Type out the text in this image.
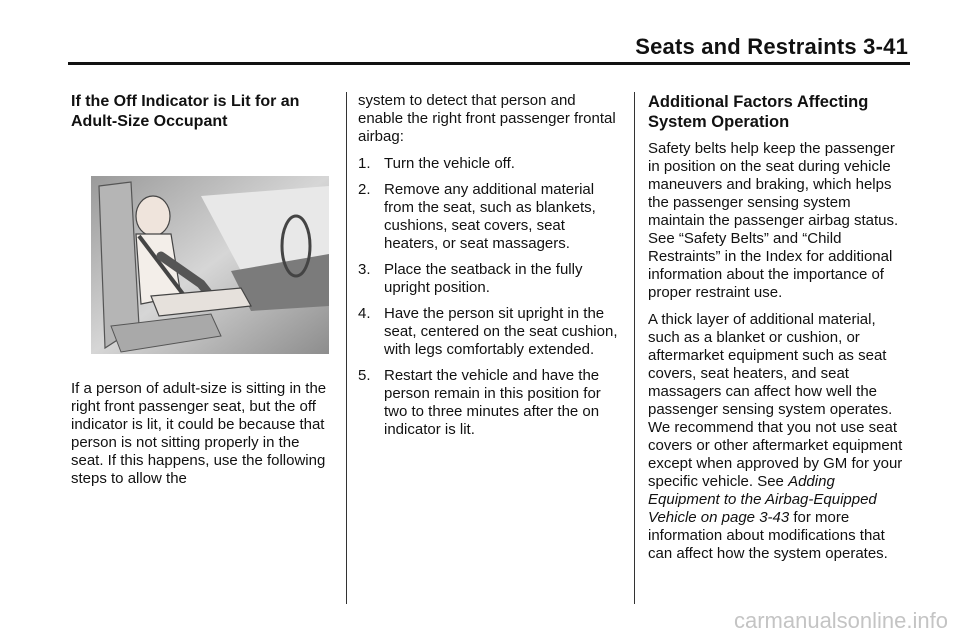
Seats and Restraints 3-41
If the Off Indicator is Lit for an Adult-Size Occupant

If a person of adult-size is sitting in the right front passenger seat, but the off indicator is lit, it could be because that person is not sitting properly in the seat. If this happens, use the following steps to allow the

system to detect that person and enable the right front passenger frontal airbag:

1. Turn the vehicle off.
2. Remove any additional material from the seat, such as blankets, cushions, seat covers, seat heaters, or seat massagers.
3. Place the seatback in the fully upright position.
4. Have the person sit upright in the seat, centered on the seat cushion, with legs comfortably extended.
5. Restart the vehicle and have the person remain in this position for two to three minutes after the on indicator is lit.
Additional Factors Affecting System Operation

Safety belts help keep the passenger in position on the seat during vehicle maneuvers and braking, which helps the passenger sensing system maintain the passenger airbag status. See “Safety Belts” and “Child Restraints” in the Index for additional information about the importance of proper restraint use.

A thick layer of additional material, such as a blanket or cushion, or aftermarket equipment such as seat covers, seat heaters, and seat massagers can affect how well the passenger sensing system operates. We recommend that you not use seat covers or other aftermarket equipment except when approved by GM for your specific vehicle. See Adding Equipment to the Airbag-Equipped Vehicle on page 3-43 for more information about modifications that can affect how the system operates.

carmanualsonline.info
